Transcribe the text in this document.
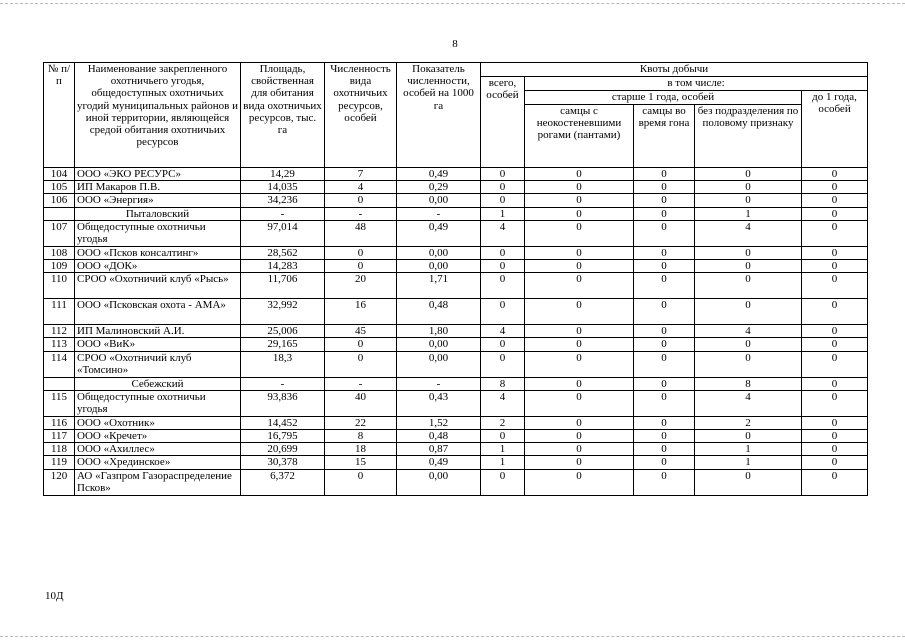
8
№ п/п	Наименование закрепленного охотничьего угодья, общедоступных охотничьих угодий муниципальных районов и иной территории, являющейся средой обитания охотничьих ресурсов	Площадь, свойственная для обитания вида охотничьих ресурсов, тыс. га	Численность вида охотничьих ресурсов, особей	Показатель численности, особей на 1000 га	Квоты добычи				
					всего, особей	в том числе:			
						старше 1 года, особей			до 1 года, особей
						самцы с неокостеневшими рогами (пантами)	самцы во время гона	без подразделения по половому признаку	
104	ООО «ЭКО РЕСУРС»	14,29	7	0,49	0	0	0	0	0
105	ИП Макаров П.В.	14,035	4	0,29	0	0	0	0	0
106	ООО «Энергия»	34,236	0	0,00	0	0	0	0	0
	Пыталовский	-	-	-	1	0	0	1	0
107	Общедоступные охотничьи угодья	97,014	48	0,49	4	0	0	4	0
108	ООО «Псков консалтинг»	28,562	0	0,00	0	0	0	0	0
109	ООО «ДОК»	14,283	0	0,00	0	0	0	0	0
110	СРОО «Охотничий клуб «Рысь»	11,706	20	1,71	0	0	0	0	0
111	ООО «Псковская охота - АМА»	32,992	16	0,48	0	0	0	0	0
112	ИП Малиновский А.И.	25,006	45	1,80	4	0	0	4	0
113	ООО «ВиК»	29,165	0	0,00	0	0	0	0	0
114	СРОО «Охотничий клуб «Томсино»	18,3	0	0,00	0	0	0	0	0
	Себежский	-	-	-	8	0	0	8	0
115	Общедоступные охотничьи угодья	93,836	40	0,43	4	0	0	4	0
116	ООО «Охотник»	14,452	22	1,52	2	0	0	2	0
117	ООО «Кречет»	16,795	8	0,48	0	0	0	0	0
118	ООО «Ахиллес»	20,699	18	0,87	1	0	0	1	0
119	ООО «Хрединское»	30,378	15	0,49	1	0	0	1	0
120	АО «Газпром Газораспределение Псков»	6,372	0	0,00	0	0	0	0	0
10Д
